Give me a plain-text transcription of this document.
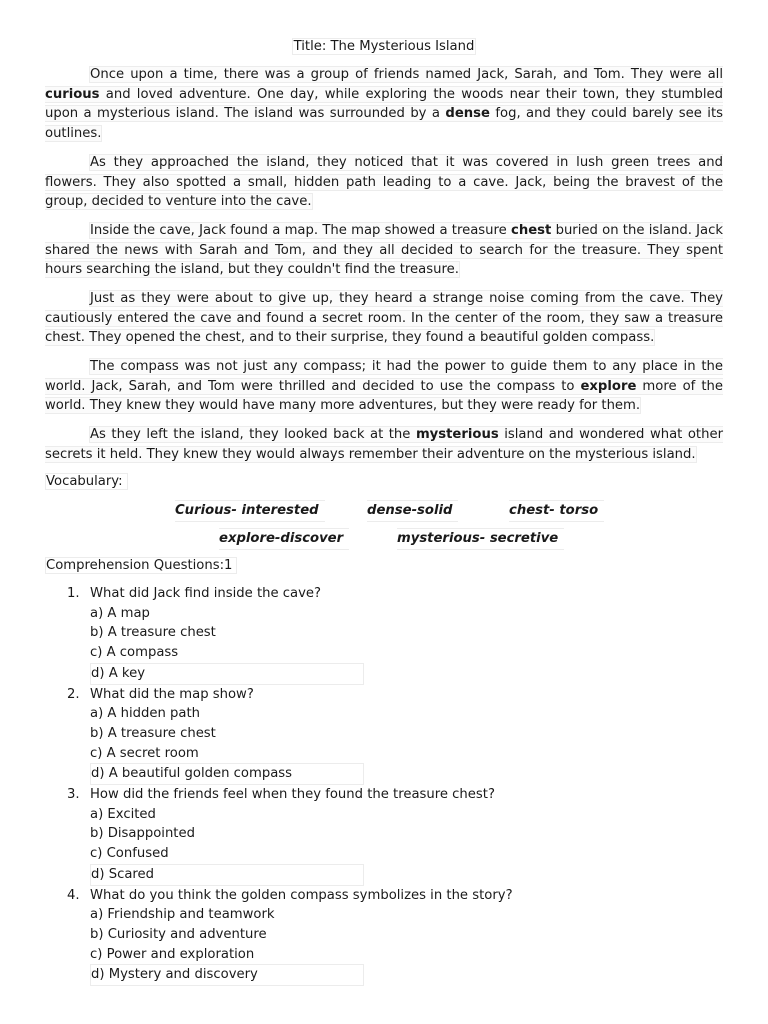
Title: The Mysterious Island

Once upon a time, there was a group of friends named Jack, Sarah, and Tom. They were all curious and loved adventure. One day, while exploring the woods near their town, they stumbled upon a mysterious island. The island was surrounded by a dense fog, and they could barely see its outlines.

As they approached the island, they noticed that it was covered in lush green trees and flowers. They also spotted a small, hidden path leading to a cave. Jack, being the bravest of the group, decided to venture into the cave.

Inside the cave, Jack found a map. The map showed a treasure chest buried on the island. Jack shared the news with Sarah and Tom, and they all decided to search for the treasure. They spent hours searching the island, but they couldn't find the treasure.

Just as they were about to give up, they heard a strange noise coming from the cave. They cautiously entered the cave and found a secret room. In the center of the room, they saw a treasure chest. They opened the chest, and to their surprise, they found a beautiful golden compass.

The compass was not just any compass; it had the power to guide them to any place in the world. Jack, Sarah, and Tom were thrilled and decided to use the compass to explore more of the world. They knew they would have many more adventures, but they were ready for them.

As they left the island, they looked back at the mysterious island and wondered what other secrets it held. They knew they would always remember their adventure on the mysterious island.

Vocabulary:
Curious- interested	dense-solid	chest- torso
explore-discover	mysterious- secretive
Comprehension Questions:1
1. What did Jack find inside the cave?
a) A map
b) A treasure chest
c) A compass
d) A key
2. What did the map show?
a) A hidden path
b) A treasure chest
c) A secret room
d) A beautiful golden compass
3. How did the friends feel when they found the treasure chest?
a) Excited
b) Disappointed
c) Confused
d) Scared
4. What do you think the golden compass symbolizes in the story?
a) Friendship and teamwork
b) Curiosity and adventure
c) Power and exploration
d) Mystery and discovery
